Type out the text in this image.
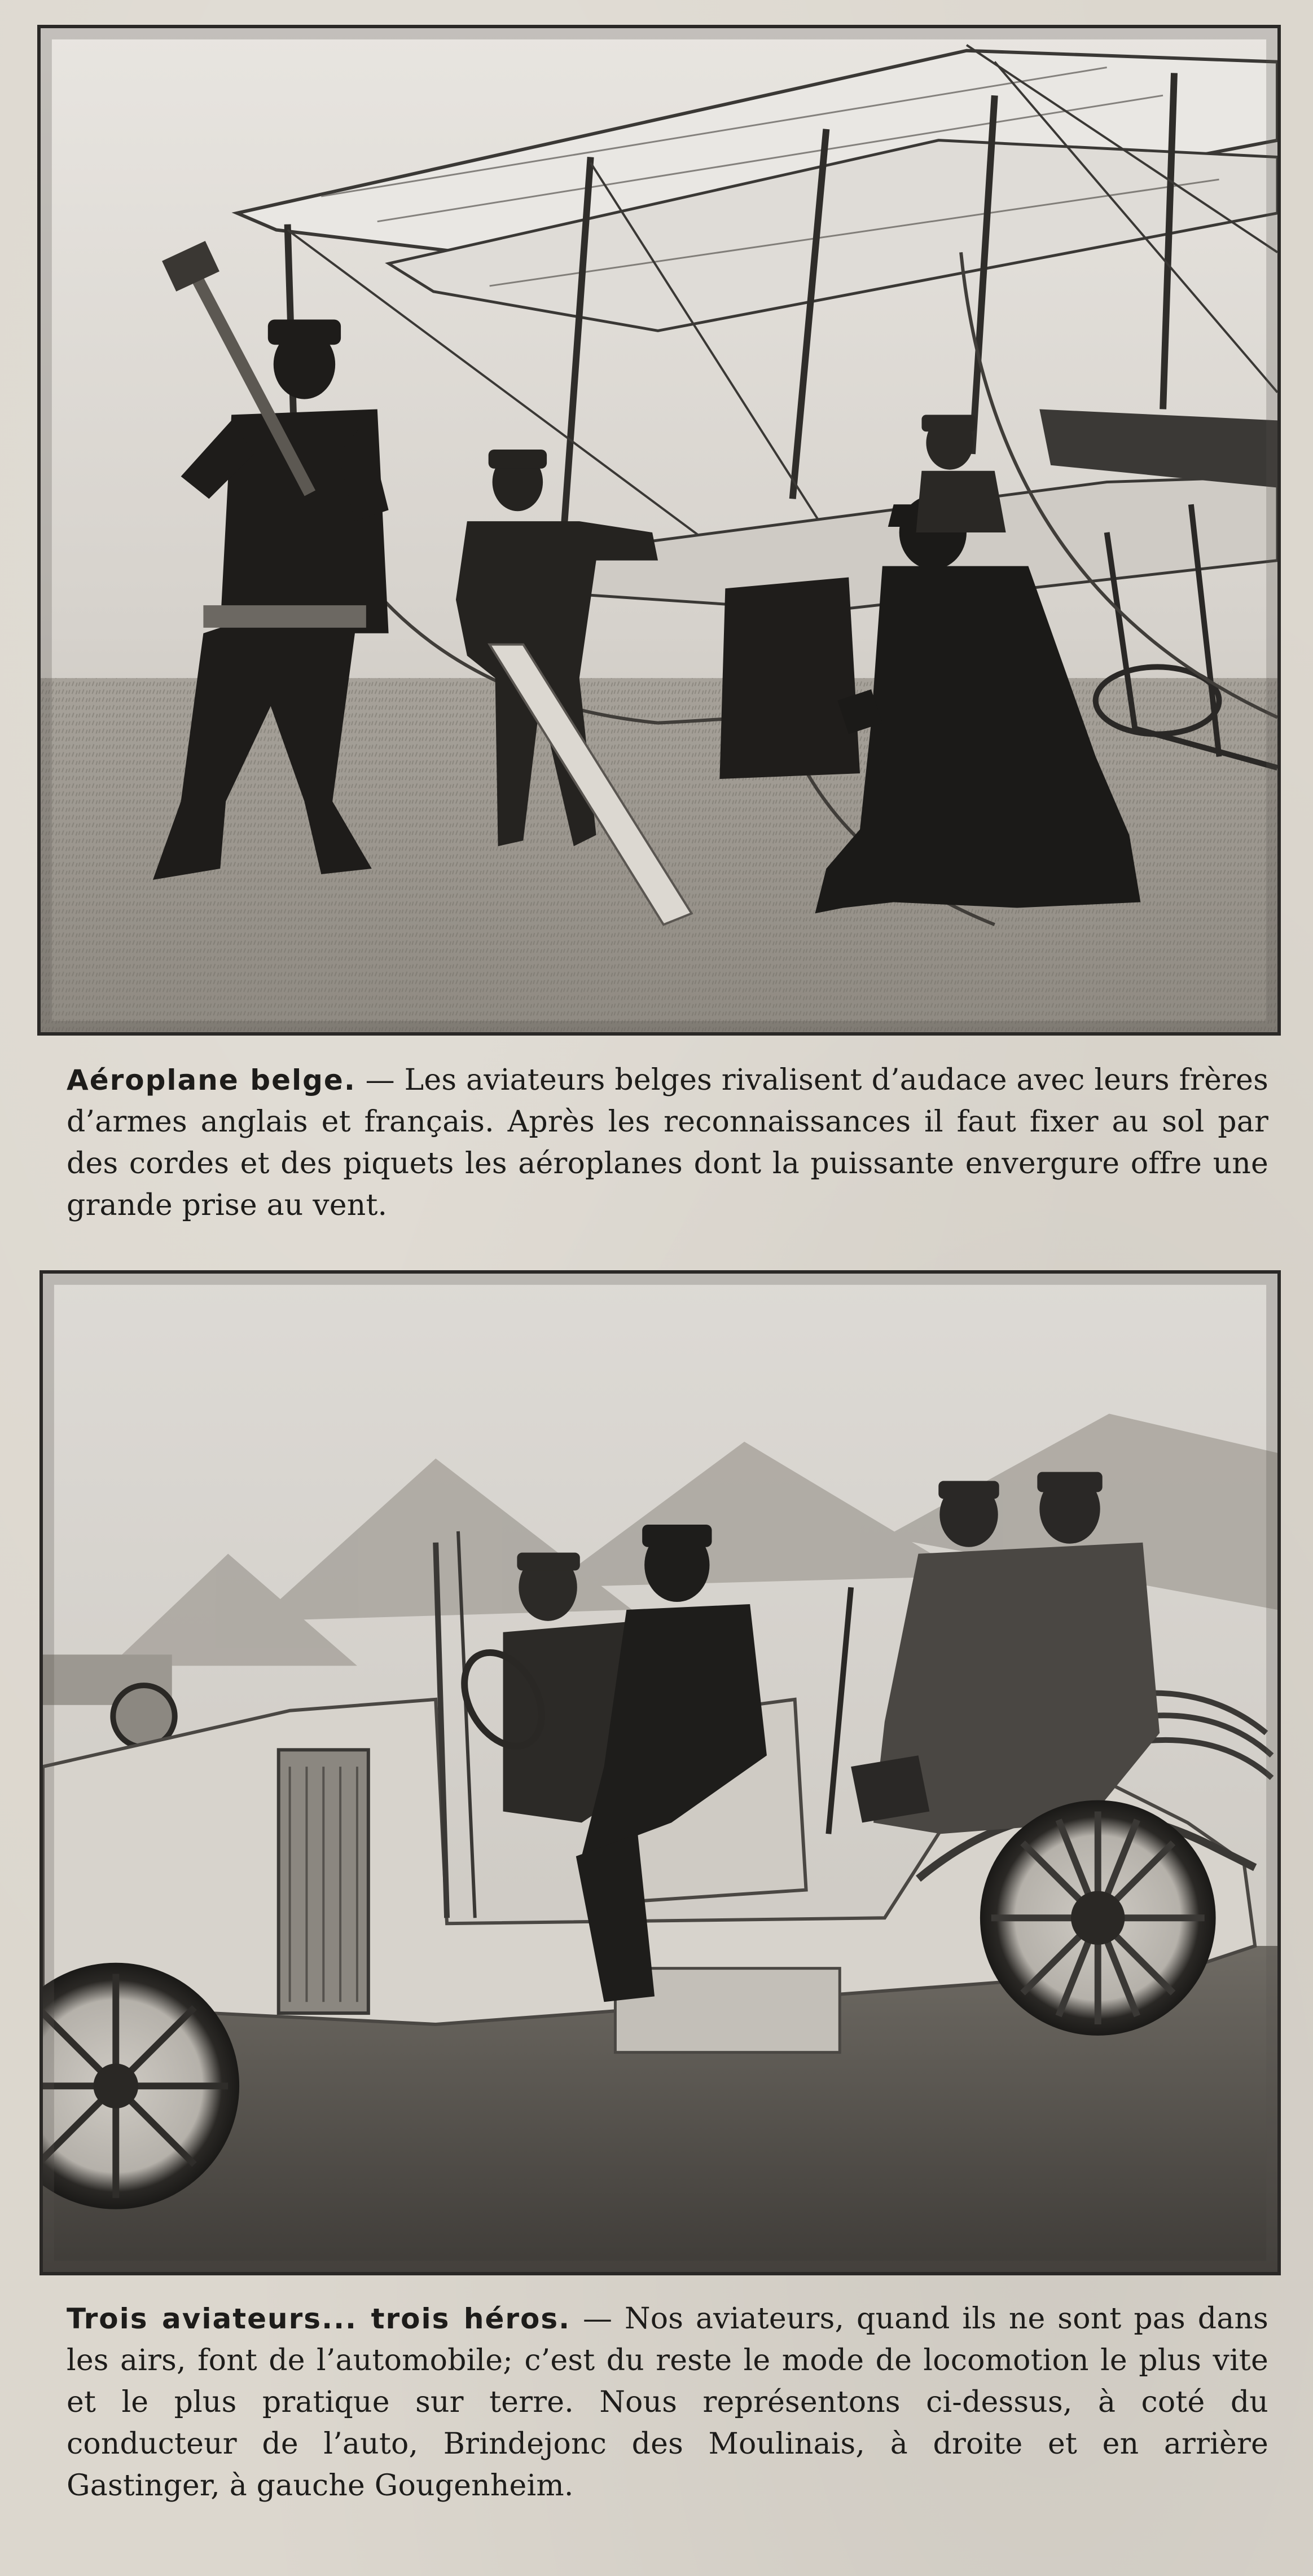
Aéroplane belge. — Les aviateurs belges rivalisent d’audace avec leurs frères d’armes anglais et français. Après les reconnaissances il faut fixer au sol par des cordes et des piquets les aéroplanes dont la puissante envergure offre une grande prise au vent.
Trois aviateurs... trois héros. — Nos aviateurs, quand ils ne sont pas dans les airs, font de l’automobile; c’est du reste le mode de locomotion le plus vite et le plus pratique sur terre. Nous représentons ci-dessus, à coté du conducteur de l’auto, Brindejonc des Moulinais, à droite et en arrière Gastinger, à gauche Gougenheim.
